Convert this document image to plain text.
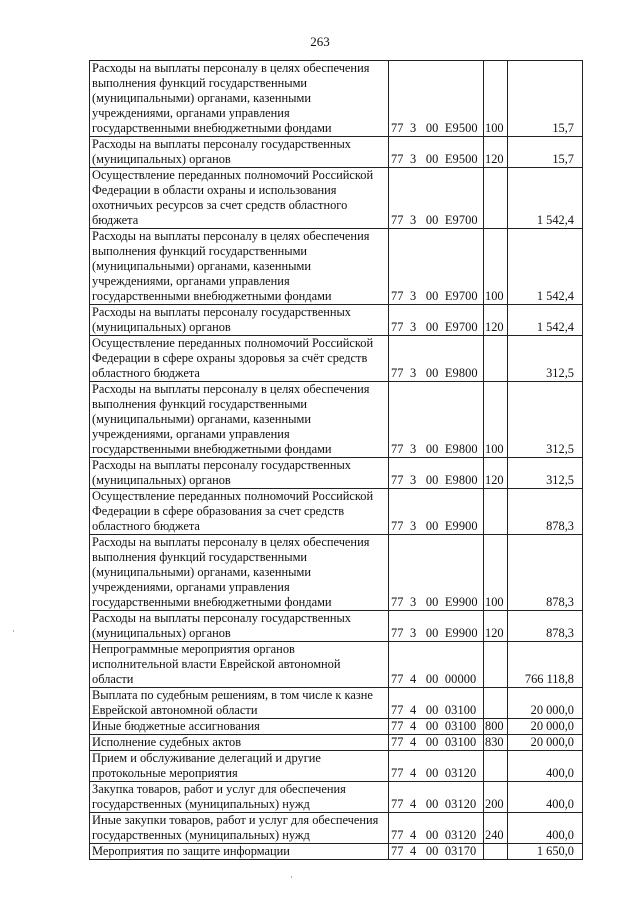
263
Расходы на выплаты персоналу в целях обеспечения
выполнения функций государственными
(муниципальными) органами, казенными
учреждениями, органами управления
государственными внебюджетными фондами	77  3   00  Е9500	100	15,7
Расходы на выплаты персоналу государственных
(муниципальных) органов	77  3   00  Е9500	120	15,7
Осуществление переданных полномочий Российской
Федерации в области охраны и использования
охотничьих ресурсов за счет средств областного
бюджета	77  3   00  Е9700		1 542,4
Расходы на выплаты персоналу в целях обеспечения
выполнения функций государственными
(муниципальными) органами, казенными
учреждениями, органами управления
государственными внебюджетными фондами	77  3   00  Е9700	100	1 542,4
Расходы на выплаты персоналу государственных
(муниципальных) органов	77  3   00  Е9700	120	1 542,4
Осуществление переданных полномочий Российской
Федерации в сфере охраны здоровья за счёт средств
областного бюджета	77  3   00  Е9800		312,5
Расходы на выплаты персоналу в целях обеспечения
выполнения функций государственными
(муниципальными) органами, казенными
учреждениями, органами управления
государственными внебюджетными фондами	77  3   00  Е9800	100	312,5
Расходы на выплаты персоналу государственных
(муниципальных) органов	77  3   00  Е9800	120	312,5
Осуществление переданных полномочий Российской
Федерации в сфере образования за счет средств
областного бюджета	77  3   00  Е9900		878,3
Расходы на выплаты персоналу в целях обеспечения
выполнения функций государственными
(муниципальными) органами, казенными
учреждениями, органами управления
государственными внебюджетными фондами	77  3   00  Е9900	100	878,3
Расходы на выплаты персоналу государственных
(муниципальных) органов	77  3   00  Е9900	120	878,3
Непрограммные мероприятия органов
исполнительной власти Еврейской автономной
области	77  4   00  00000		766 118,8
Выплата по судебным решениям, в том числе к казне
Еврейской автономной области	77  4   00  03100		20 000,0
Иные бюджетные ассигнования	77  4   00  03100	800	20 000,0
Исполнение судебных актов	77  4   00  03100	830	20 000,0
Прием и обслуживание делегаций и другие
протокольные мероприятия	77  4   00  03120		400,0
Закупка товаров, работ и услуг для обеспечения
государственных (муниципальных) нужд	77  4   00  03120	200	400,0
Иные закупки товаров, работ и услуг для обеспечения
государственных (муниципальных) нужд	77  4   00  03120	240	400,0
Мероприятия по защите информации	77  4   00  03170		1 650,0
·
·
